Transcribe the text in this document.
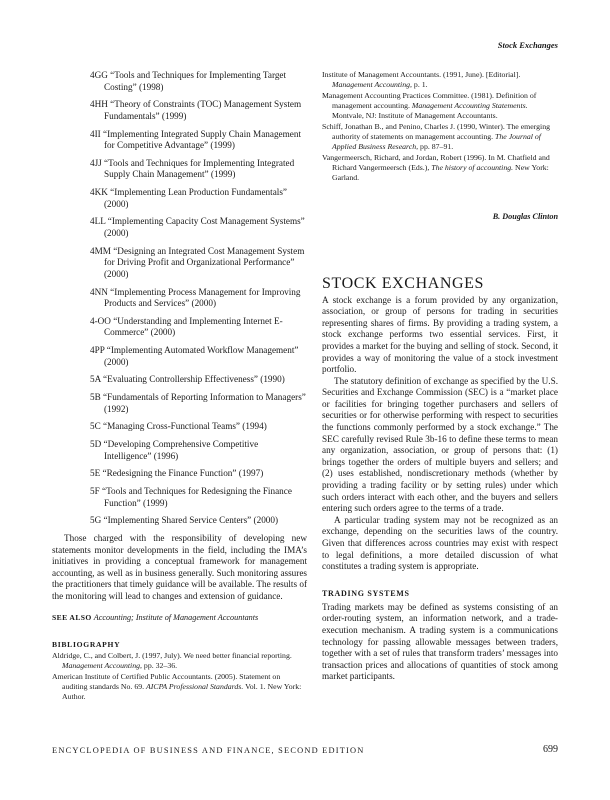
Stock Exchanges
4GG “Tools and Techniques for Implementing Target Costing” (1998)
4HH “Theory of Constraints (TOC) Management System Fundamentals” (1999)
4II “Implementing Integrated Supply Chain Management for Competitive Advantage” (1999)
4JJ “Tools and Techniques for Implementing Integrated Supply Chain Management” (1999)
4KK “Implementing Lean Production Fundamentals” (2000)
4LL “Implementing Capacity Cost Management Systems” (2000)
4MM “Designing an Integrated Cost Management System for Driving Profit and Organizational Performance” (2000)
4NN “Implementing Process Management for Improving Products and Services” (2000)
4-OO “Understanding and Implementing Internet E-Commerce” (2000)
4PP “Implementing Automated Workflow Management” (2000)
5A “Evaluating Controllership Effectiveness” (1990)
5B “Fundamentals of Reporting Information to Managers” (1992)
5C “Managing Cross-Functional Teams” (1994)
5D “Developing Comprehensive Competitive Intelligence” (1996)
5E “Redesigning the Finance Function” (1997)
5F “Tools and Techniques for Redesigning the Finance Function” (1999)
5G “Implementing Shared Service Centers” (2000)

Those charged with the responsibility of developing new statements monitor developments in the field, including the IMA’s initiatives in providing a conceptual framework for management accounting, as well as in business generally. Such monitoring assures the practitioners that timely guidance will be available. The results of the monitoring will lead to changes and extension of guidance.

SEE ALSO Accounting; Institute of Management Accountants

BIBLIOGRAPHY

Aldridge, C., and Colbert, J. (1997, July). We need better financial reporting. Management Accounting, pp. 32–36.

American Institute of Certified Public Accountants. (2005). Statement on auditing standards No. 69. AICPA Professional Standards. Vol. 1. New York: Author.

Institute of Management Accountants. (1991, June). [Editorial]. Management Accounting, p. 1.

Management Accounting Practices Committee. (1981). Definition of management accounting. Management Accounting Statements. Montvale, NJ: Institute of Management Accountants.

Schiff, Jonathan B., and Penino, Charles J. (1990, Winter). The emerging authority of statements on management accounting. The Journal of Applied Business Research, pp. 87–91.

Vangermeersch, Richard, and Jordan, Robert (1996). In M. Chatfield and Richard Vangermeersch (Eds.), The history of accounting. New York: Garland.

B. Douglas Clinton
STOCK EXCHANGES

A stock exchange is a forum provided by any organization, association, or group of persons for trading in securities representing shares of firms. By providing a trading system, a stock exchange performs two essential services. First, it provides a market for the buying and selling of stock. Second, it provides a way of monitoring the value of a stock investment portfolio.

The statutory definition of exchange as specified by the U.S. Securities and Exchange Commission (SEC) is a “market place or facilities for bringing together purchasers and sellers of securities or for otherwise performing with respect to securities the functions commonly performed by a stock exchange.” The SEC carefully revised Rule 3b-16 to define these terms to mean any organization, association, or group of persons that: (1) brings together the orders of multiple buyers and sellers; and (2) uses established, nondiscretionary methods (whether by providing a trading facility or by setting rules) under which such orders interact with each other, and the buyers and sellers entering such orders agree to the terms of a trade.

A particular trading system may not be recognized as an exchange, depending on the securities laws of the country. Given that differences across countries may exist with respect to legal definitions, a more detailed discussion of what constitutes a trading system is appropriate.

TRADING SYSTEMS

Trading markets may be defined as systems consisting of an order-routing system, an information network, and a trade-execution mechanism. A trading system is a communications technology for passing allowable messages between traders, together with a set of rules that transform traders’ messages into transaction prices and allocations of quantities of stock among market participants.

ENCYCLOPEDIA OF BUSINESS AND FINANCE, SECOND EDITION	699
